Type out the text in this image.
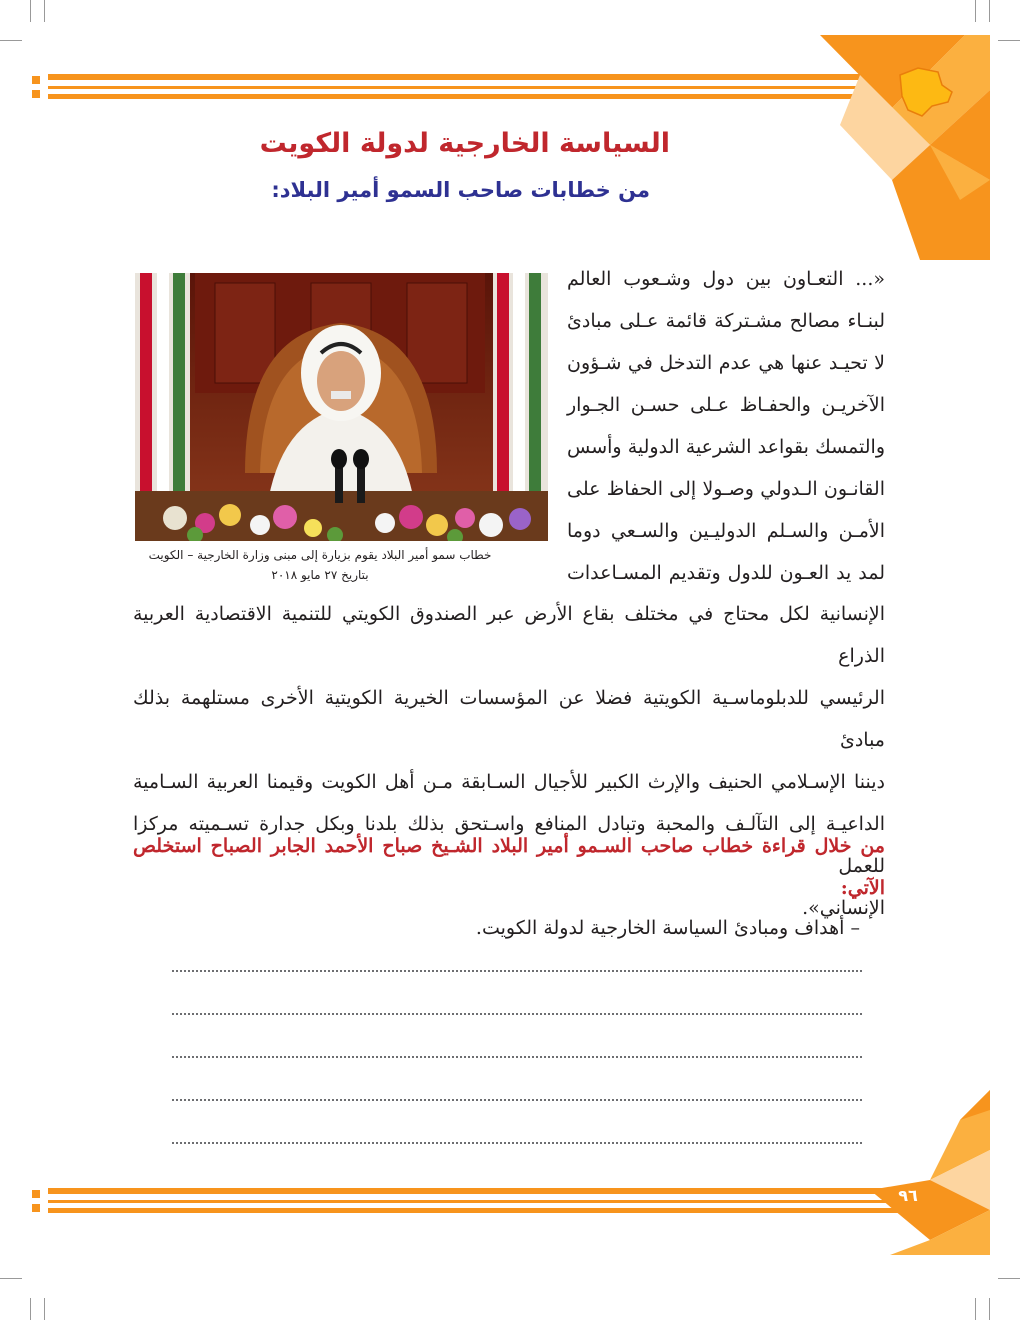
السياسة الخارجية لدولة الكويت
من خطابات صاحب السمو أمير البلاد:
خطاب سمو أمير البلاد يقوم بزيارة إلى مبنى وزارة الخارجية – الكويت
بتاريخ ٢٧ مايو ٢٠١٨

«... التعـاون بين دول وشـعوب العالم

لبنـاء مصالح مشـتركة قائمة عـلى مبادئ

لا تحيـد عنها هي عدم التدخل في شـؤون

الآخريـن والحفـاظ عـلى حسـن الجـوار

والتمسك بقواعد الشرعية الدولية وأسس

القانـون الـدولي وصـولا إلى الحفاظ على

الأمـن والسـلم الدوليـين والسـعي دوما

لمد يد العـون للدول وتقديم المسـاعدات

الإنسانية لكل محتاج في مختلف بقاع الأرض عبر الصندوق الكويتي للتنمية الاقتصادية العربية الذراع

الرئيسي للدبلوماسـية الكويتية فضلا عن المؤسسات الخيرية الكويتية الأخرى مستلهمة بذلك مبادئ

ديننا الإسـلامي الحنيف والإرث الكبير للأجيال السـابقة مـن أهل الكويت وقيمنا العربية السـامية

الداعيـة إلى التآلـف والمحبة وتبادل المنافع واسـتحق بذلك بلدنا وبكل جدارة تسـميته مركزا للعمل

الإنساني».

من خلال قراءة خطاب صاحب السـمو أمير البلاد الشـيخ صباح الأحمد الجابر الصباح استخلص

الآتي:

– أهداف ومبادئ السياسة الخارجية لدولة الكويت.
٩٦
